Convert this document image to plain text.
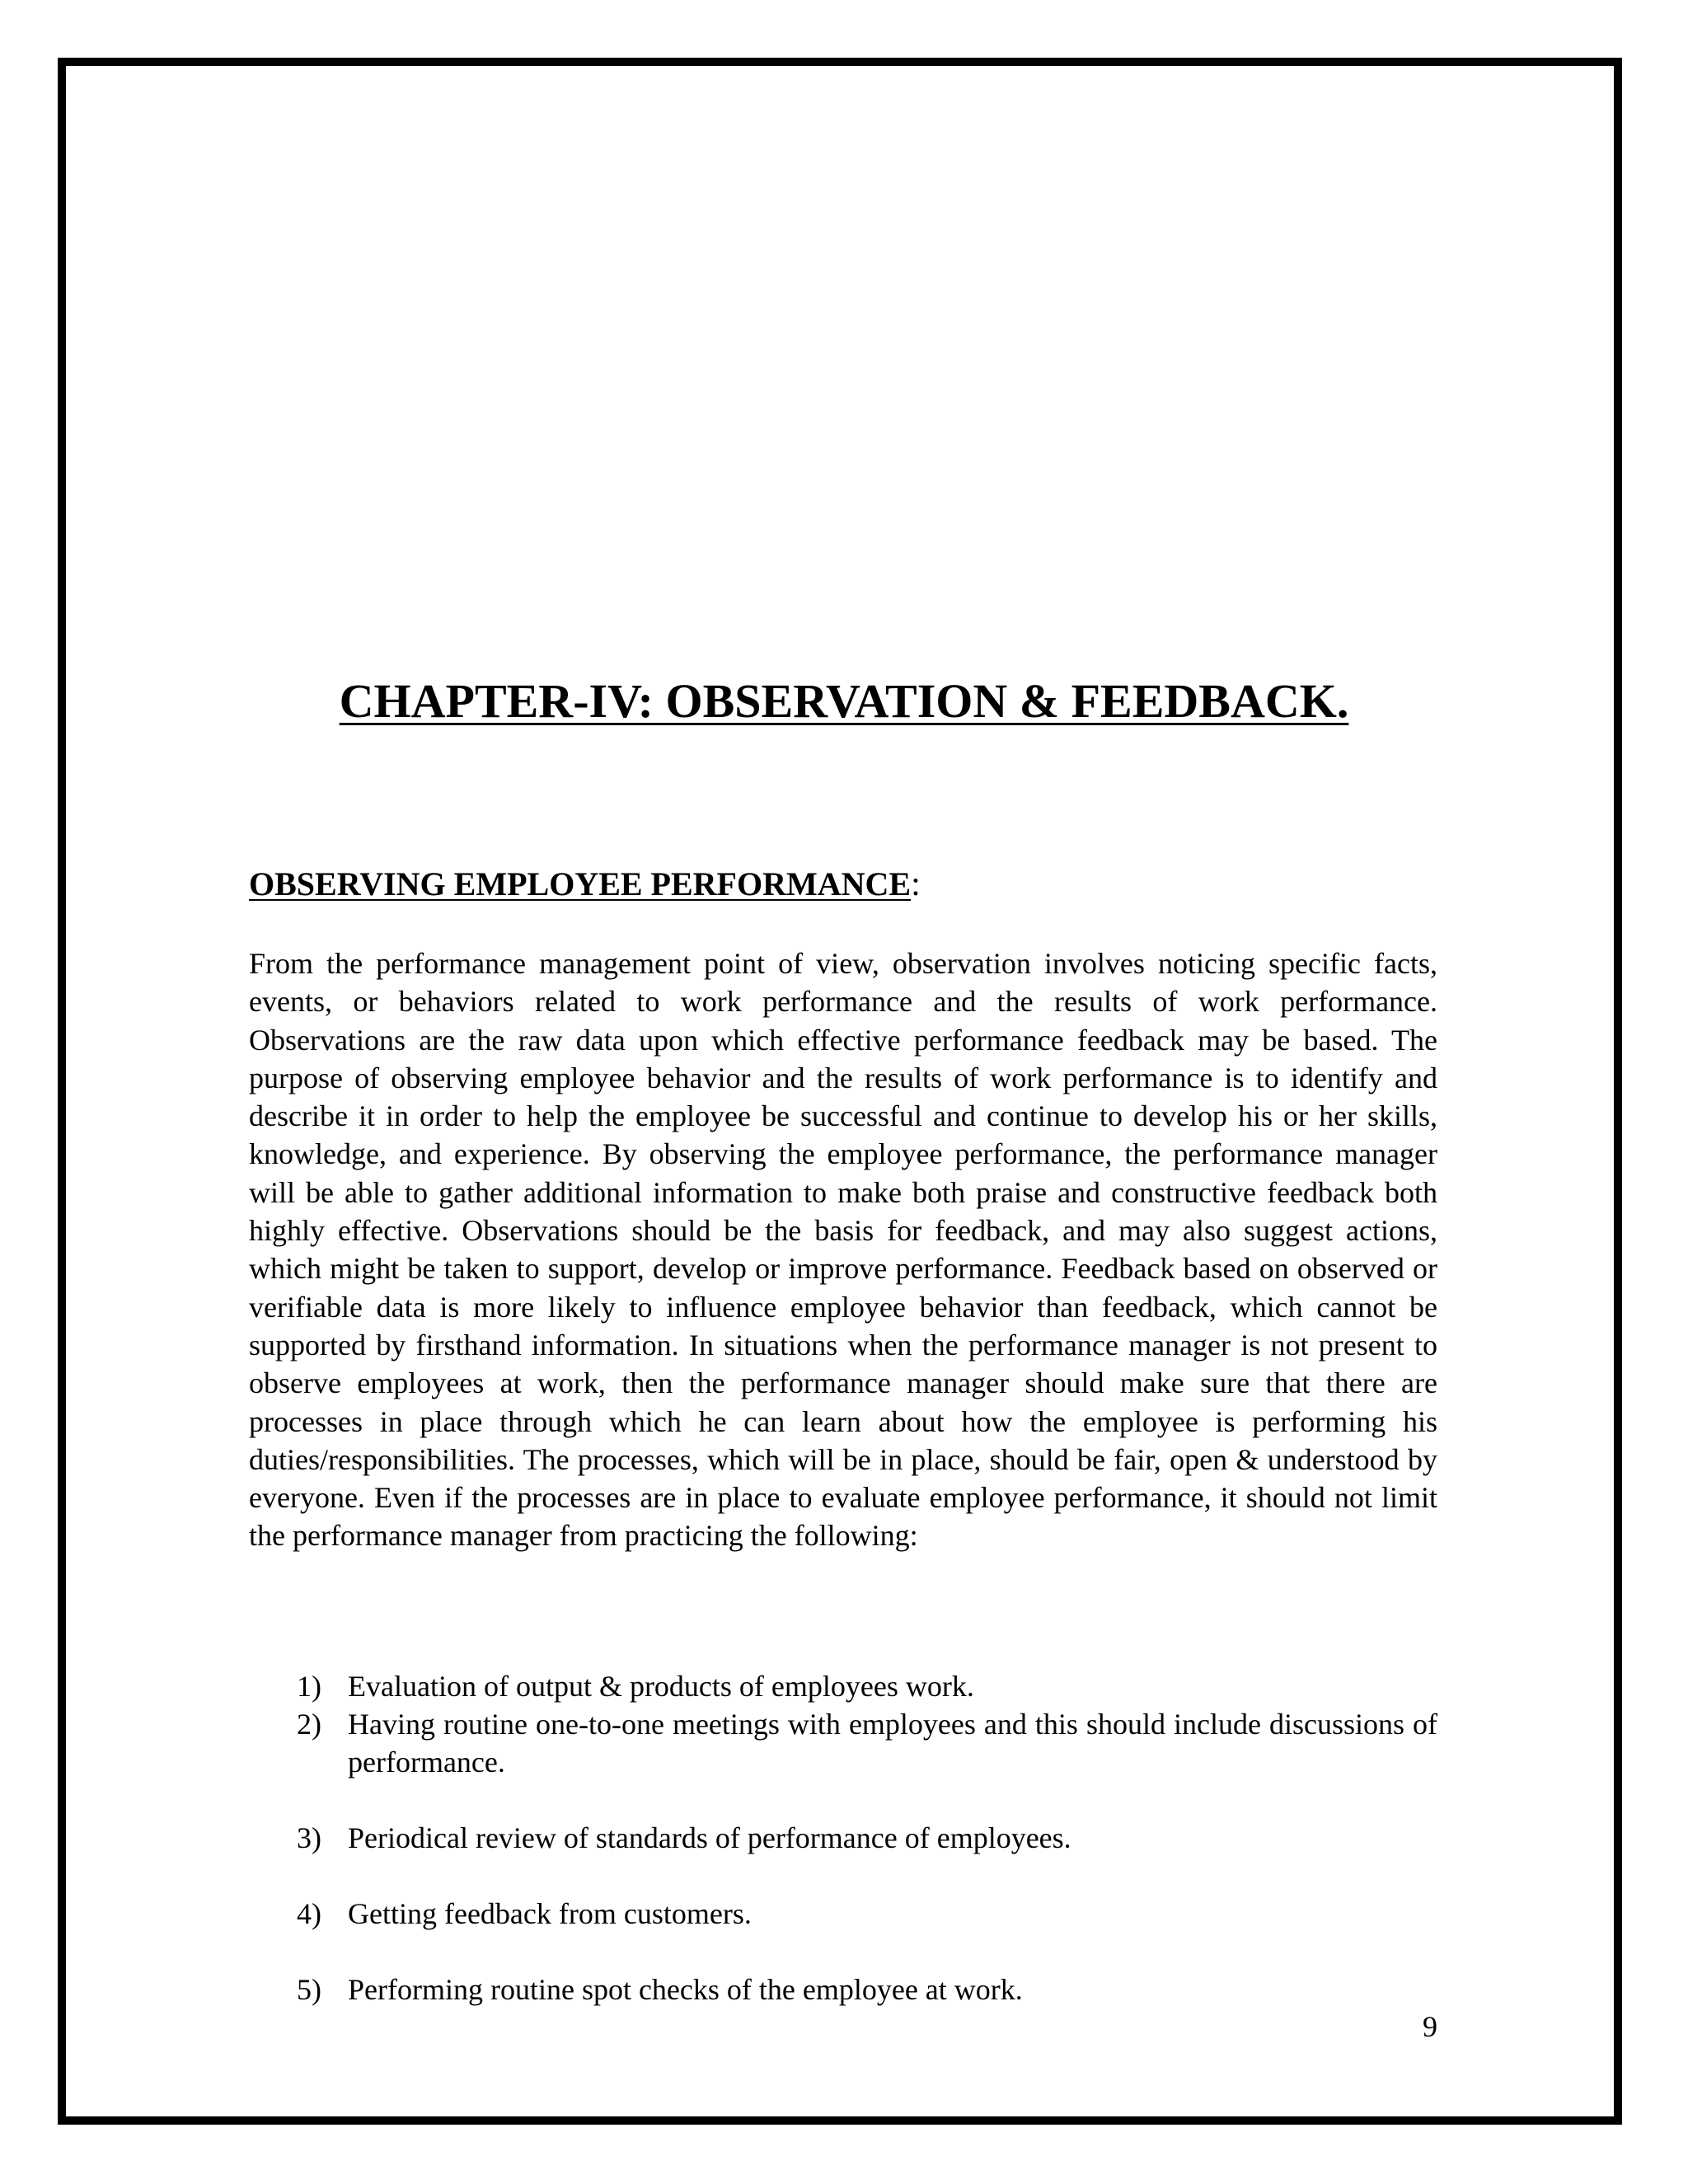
CHAPTER-IV: OBSERVATION & FEEDBACK.
OBSERVING EMPLOYEE PERFORMANCE:

From the performance management point of view, observation involves noticing specific facts, events, or behaviors related to work performance and the results of work performance. Observations are the raw data upon which effective performance feedback may be based. The purpose of observing employee behavior and the results of work performance is to identify and describe it in order to help the employee be successful and continue to develop his or her skills, knowledge, and experience. By observing the employee performance, the performance manager will be able to gather additional information to make both praise and constructive feedback both highly effective. Observations should be the basis for feedback, and may also suggest actions, which might be taken to support, develop or improve performance. Feedback based on observed or verifiable data is more likely to influence employee behavior than feedback, which cannot be supported by firsthand information. In situations when the performance manager is not present to observe employees at work, then the performance manager should make sure that there are processes in place through which he can learn about how the employee is performing his duties/responsibilities. The processes, which will be in place, should be fair, open & understood by everyone. Even if the processes are in place to evaluate employee performance, it should not limit the performance manager from practicing the following:

1) Evaluation of output & products of employees work.
2) Having routine one-to-one meetings with employees and this should include discussions of performance.
3) Periodical review of standards of performance of employees.
4) Getting feedback from customers.
5) Performing routine spot checks of the employee at work.
9
